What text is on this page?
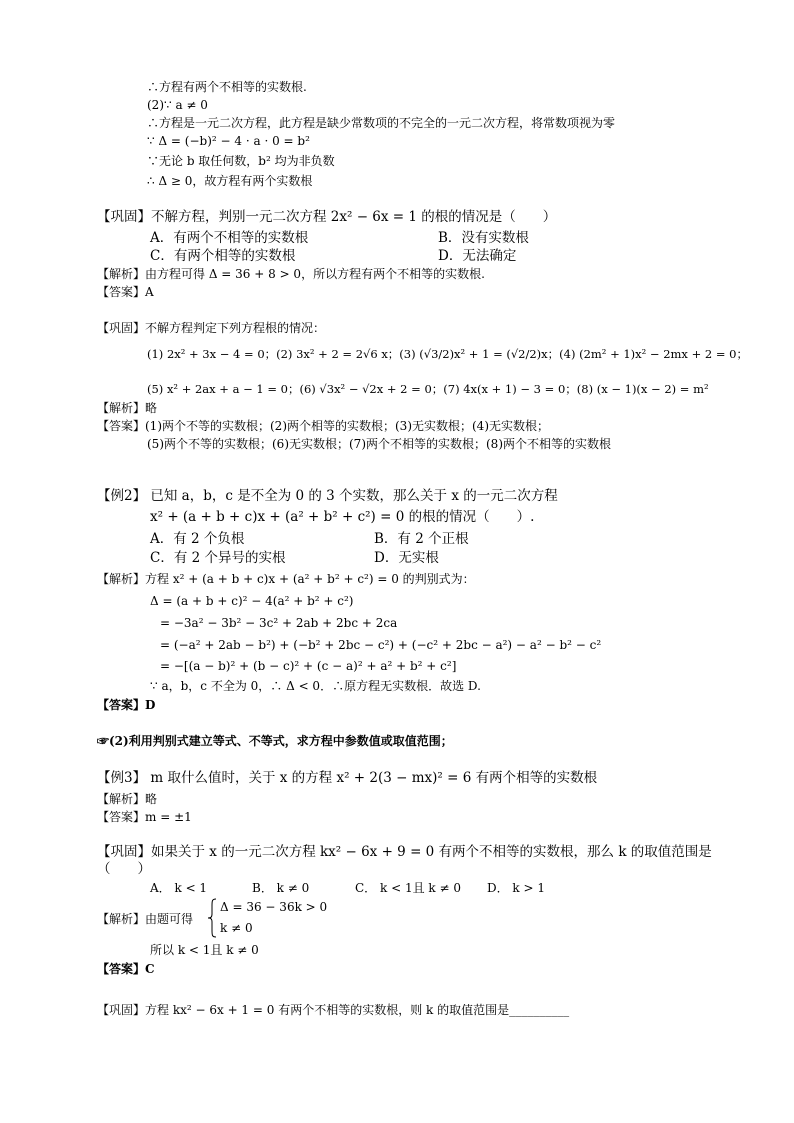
∴方程有两个不相等的实数根.
(2)∵ a ≠ 0
∴方程是一元二次方程，此方程是缺少常数项的不完全的一元二次方程，将常数项视为零
∵ Δ = (−b)² − 4 · a · 0 = b²
∵无论 b 取任何数，b² 均为非负数
∴ Δ ≥ 0，故方程有两个实数根
【巩固】不解方程，判别一元二次方程 2x² − 6x = 1 的根的情况是（　　）
A．有两个不相等的实数根	B．没有实数根
C．有两个相等的实数根	D．无法确定
【解析】由方程可得 Δ = 36 + 8 > 0，所以方程有两个不相等的实数根.
【答案】A
【巩固】不解方程判定下列方程根的情况：
(1) 2x² + 3x − 4 = 0；(2) 3x² + 2 = 2√6 x；(3) (√3/2)x² + 1 = (√2/2)x；(4) (2m² + 1)x² − 2mx + 2 = 0；
(5) x² + 2ax + a − 1 = 0；(6) √3x² − √2x + 2 = 0；(7) 4x(x + 1) − 3 = 0；(8) (x − 1)(x − 2) = m²
【解析】略
【答案】(1)两个不等的实数根；(2)两个相等的实数根；(3)无实数根；(4)无实数根；
(5)两个不等的实数根；(6)无实数根；(7)两个不相等的实数根；(8)两个不相等的实数根
【例2】 已知 a，b，c 是不全为 0 的 3 个实数，那么关于 x 的一元二次方程
x² + (a + b + c)x + (a² + b² + c²) = 0 的根的情况（　　）.
A．有 2 个负根	B．有 2 个正根
C．有 2 个异号的实根	D．无实根
【解析】方程 x² + (a + b + c)x + (a² + b² + c²) = 0 的判别式为：
Δ = (a + b + c)² − 4(a² + b² + c²)
= −3a² − 3b² − 3c² + 2ab + 2bc + 2ca
= (−a² + 2ab − b²) + (−b² + 2bc − c²) + (−c² + 2bc − a²) − a² − b² − c²
= −[(a − b)² + (b − c)² + (c − a)² + a² + b² + c²]
∵ a，b，c 不全为 0，∴ Δ < 0．∴原方程无实数根．故选 D.
【答案】D
☞(2)利用判别式建立等式、不等式，求方程中参数值或取值范围；
【例3】 m 取什么值时，关于 x 的方程 x² + 2(3 − mx)² = 6 有两个相等的实数根
【解析】略
【答案】m = ±1
【巩固】如果关于 x 的一元二次方程 kx² − 6x + 9 = 0 有两个不相等的实数根，那么 k 的取值范围是
（　　）
A． k < 1	B． k ≠ 0	C． k < 1且 k ≠ 0 D． k > 1
【解析】由题可得
Δ = 36 − 36k > 0
k ≠ 0
所以 k < 1且 k ≠ 0
【答案】C
【巩固】方程 kx² − 6x + 1 = 0 有两个不相等的实数根，则 k 的取值范围是__________
